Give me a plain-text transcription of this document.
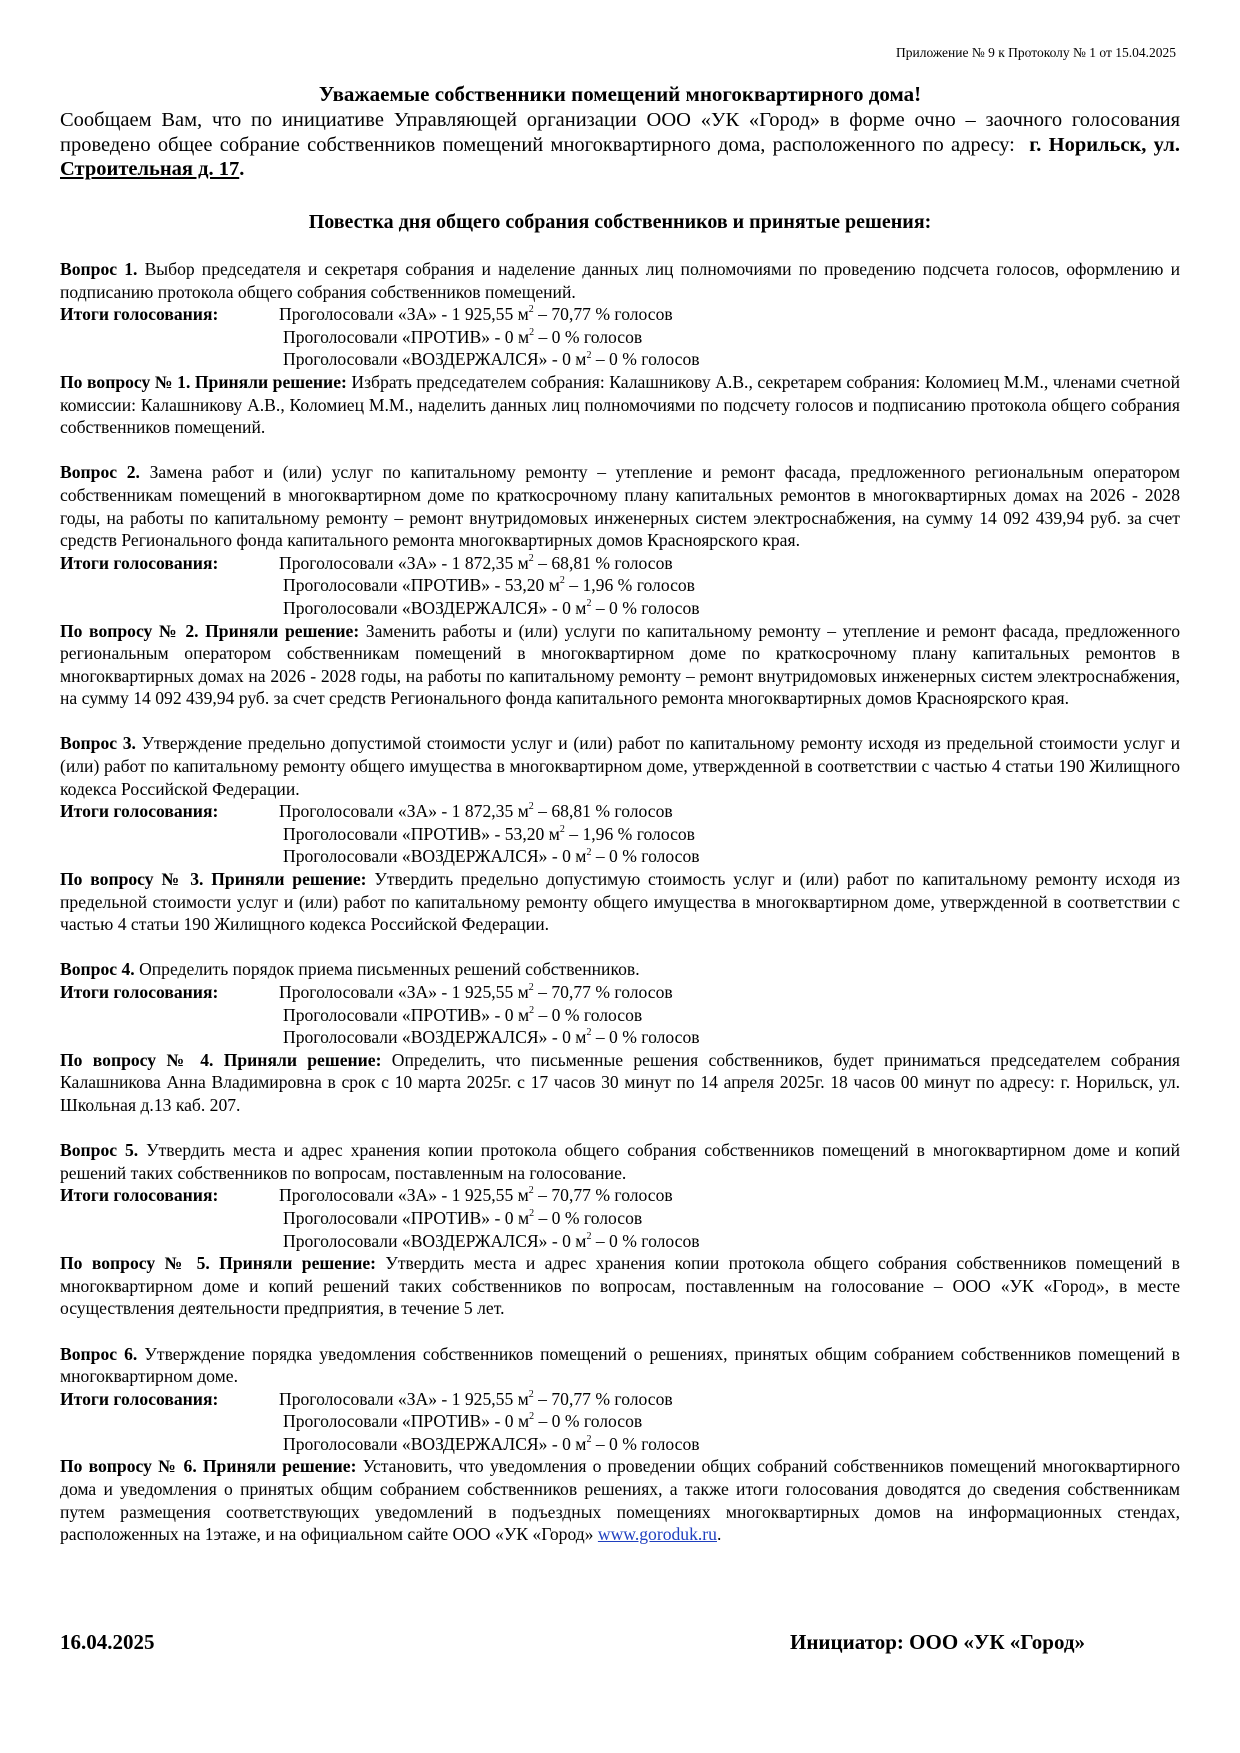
Приложение № 9 к Протоколу № 1 от 15.04.2025
Уважаемые собственники помещений многоквартирного дома!

Сообщаем Вам, что по инициативе Управляющей организации ООО «УК «Город» в форме очно – заочного голосования проведено общее собрание собственников помещений многоквартирного дома, расположенного по адресу: г. Норильск, ул. Строительная д. 17.

Повестка дня общего собрания собственников и принятые решения:

Вопрос 1. Выбор председателя и секретаря собрания и наделение данных лиц полномочиями по проведению подсчета голосов, оформлению и подписанию протокола общего собрания собственников помещений.

Итоги голосования:	Проголосовали «ЗА» - 1 925,55 $м^2 - 70,77$ % голосов
Проголосовали «ПРОТИВ» - 0 $м^2 - 0$ % голосов
Проголосовали «ВОЗДЕРЖАЛСЯ» - 0 $м^2 - 0$ % голосов

По вопросу № 1. Приняли решение: Избрать председателем собрания: Калашникову А.В., секретарем собрания: Коломиец М.М., членами счетной комиссии: Калашникову А.В., Коломиец М.М., наделить данных лиц полномочиями по подсчету голосов и подписанию протокола общего собрания собственников помещений.

Вопрос 2. Замена работ и (или) услуг по капитальному ремонту – утепление и ремонт фасада, предложенного региональным оператором собственникам помещений в многоквартирном доме по краткосрочному плану капитальных ремонтов в многоквартирных домах на 2026 - 2028 годы, на работы по капитальному ремонту – ремонт внутридомовых инженерных систем электроснабжения, на сумму 14 092 439,94 руб. за счет средств Регионального фонда капитального ремонта многоквартирных домов Красноярского края.

Итоги голосования:	Проголосовали «ЗА» - 1 872,35 $м^2 - 68,81$ % голосов
Проголосовали «ПРОТИВ» - 53,20 $м^2 - 1,96$ % голосов
Проголосовали «ВОЗДЕРЖАЛСЯ» - 0 $м^2 - 0$ % голосов

По вопросу № 2. Приняли решение: Заменить работы и (или) услуги по капитальному ремонту – утепление и ремонт фасада, предложенного региональным оператором собственникам помещений в многоквартирном доме по краткосрочному плану капитальных ремонтов в многоквартирных домах на 2026 - 2028 годы, на работы по капитальному ремонту – ремонт внутридомовых инженерных систем электроснабжения, на сумму 14 092 439,94 руб. за счет средств Регионального фонда капитального ремонта многоквартирных домов Красноярского края.

Вопрос 3. Утверждение предельно допустимой стоимости услуг и (или) работ по капитальному ремонту исходя из предельной стоимости услуг и (или) работ по капитальному ремонту общего имущества в многоквартирном доме, утвержденной в соответствии с частью 4 статьи 190 Жилищного кодекса Российской Федерации.

Итоги голосования:	Проголосовали «ЗА» - 1 872,35 $м^2 - 68,81$ % голосов
Проголосовали «ПРОТИВ» - 53,20 $м^2 - 1,96$ % голосов
Проголосовали «ВОЗДЕРЖАЛСЯ» - 0 $м^2 - 0$ % голосов

По вопросу № 3. Приняли решение: Утвердить предельно допустимую стоимость услуг и (или) работ по капитальному ремонту исходя из предельной стоимости услуг и (или) работ по капитальному ремонту общего имущества в многоквартирном доме, утвержденной в соответствии с частью 4 статьи 190 Жилищного кодекса Российской Федерации.

Вопрос 4. Определить порядок приема письменных решений собственников.

Итоги голосования:	Проголосовали «ЗА» - 1 925,55 $м^2 - 70,77$ % голосов
Проголосовали «ПРОТИВ» - 0 $м^2 - 0$ % голосов
Проголосовали «ВОЗДЕРЖАЛСЯ» - 0 $м^2 - 0$ % голосов

По вопросу № 4. Приняли решение: Определить, что письменные решения собственников, будет приниматься председателем собрания Калашникова Анна Владимировна в срок с 10 марта 2025г. с 17 часов 30 минут по 14 апреля 2025г. 18 часов 00 минут по адресу: г. Норильск, ул. Школьная д.13 каб. 207.

Вопрос 5. Утвердить места и адрес хранения копии протокола общего собрания собственников помещений в многоквартирном доме и копий решений таких собственников по вопросам, поставленным на голосование.

Итоги голосования:	Проголосовали «ЗА» - 1 925,55 $м^2 - 70,77$ % голосов
Проголосовали «ПРОТИВ» - 0 $м^2 - 0$ % голосов
Проголосовали «ВОЗДЕРЖАЛСЯ» - 0 $м^2 - 0$ % голосов

По вопросу № 5. Приняли решение: Утвердить места и адрес хранения копии протокола общего собрания собственников помещений в многоквартирном доме и копий решений таких собственников по вопросам, поставленным на голосование – ООО «УК «Город», в месте осуществления деятельности предприятия, в течение 5 лет.

Вопрос 6. Утверждение порядка уведомления собственников помещений о решениях, принятых общим собранием собственников помещений в многоквартирном доме.

Итоги голосования:	Проголосовали «ЗА» - 1 925,55 $м^2 - 70,77$ % голосов
Проголосовали «ПРОТИВ» - 0 $м^2 - 0$ % голосов
Проголосовали «ВОЗДЕРЖАЛСЯ» - 0 $м^2 - 0$ % голосов

По вопросу № 6. Приняли решение: Установить, что уведомления о проведении общих собраний собственников помещений многоквартирного дома и уведомления о принятых общим собранием собственников решениях, а также итоги голосования доводятся до сведения собственникам путем размещения соответствующих уведомлений в подъездных помещениях многоквартирных домов на информационных стендах, расположенных на 1этаже, и на официальном сайте ООО «УК «Город» www.goroduk.ru.

16.04.2025	Инициатор: ООО «УК «Город»
